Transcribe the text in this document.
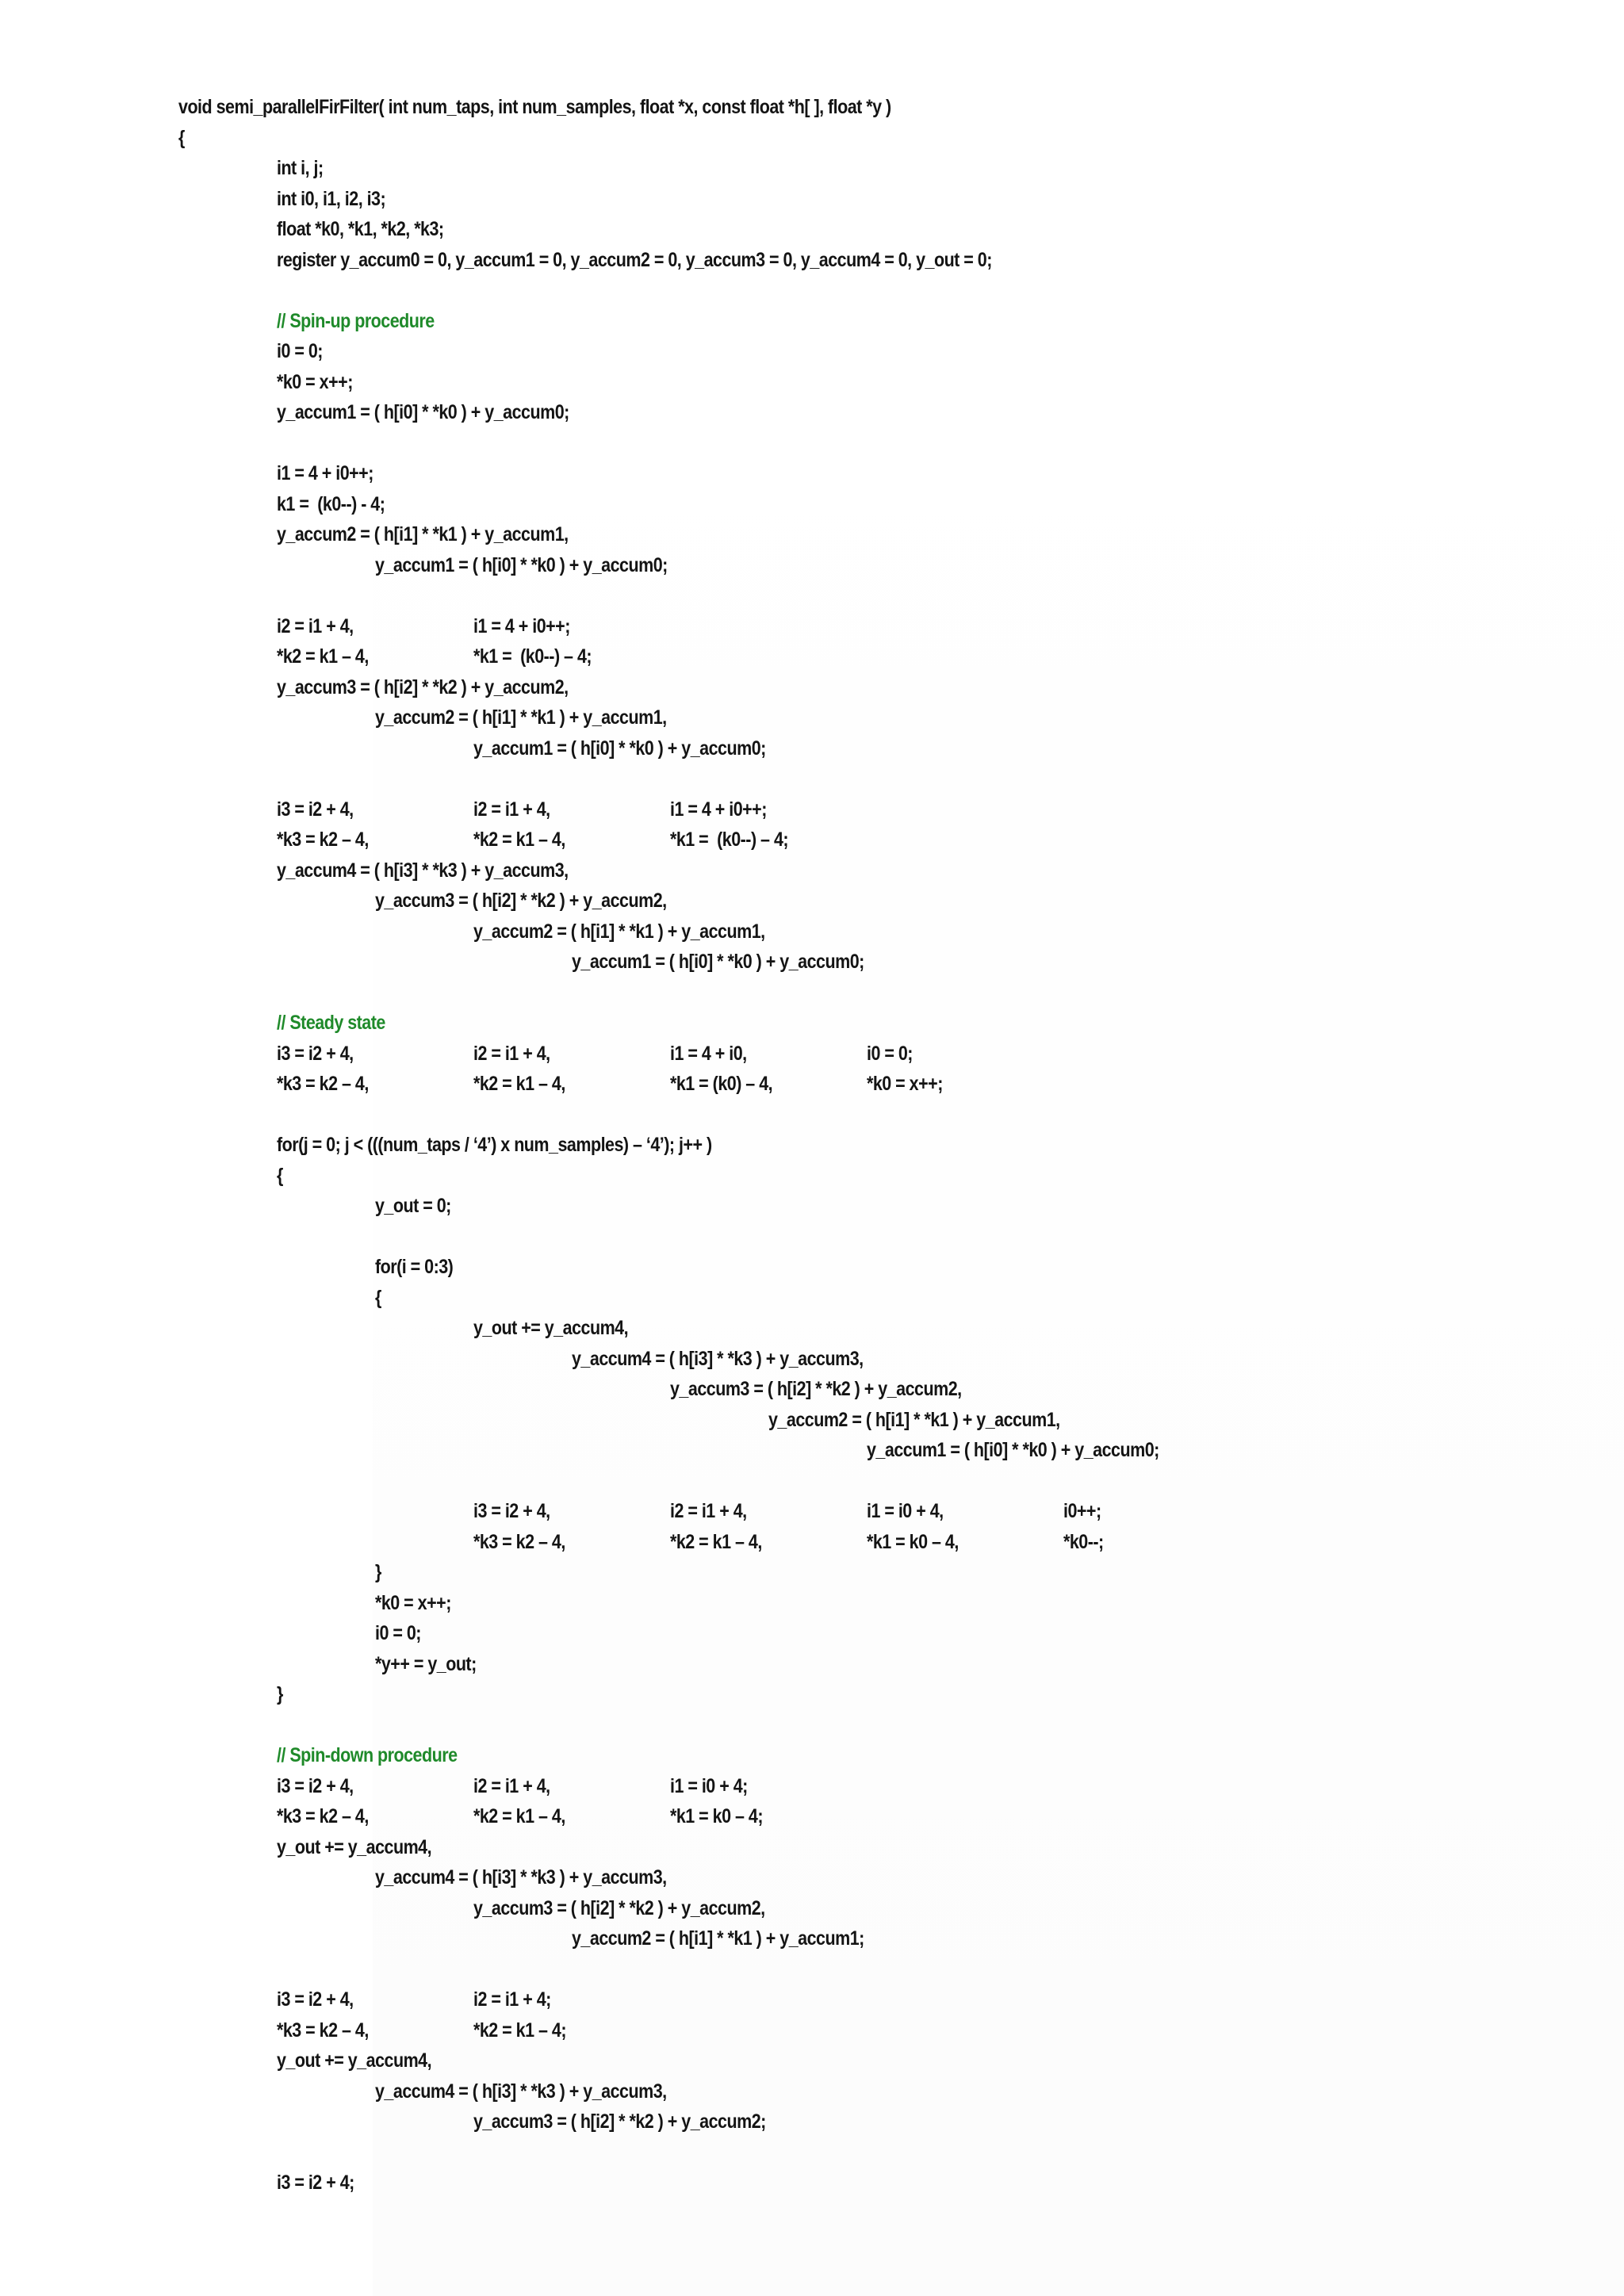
void semi_parallelFirFilter( int num_taps, int num_samples, float *x, const float *h[ ], float *y )
{
int i, j;
int i0, i1, i2, i3;
float *k0, *k1, *k2, *k3;
register y_accum0 = 0, y_accum1 = 0, y_accum2 = 0, y_accum3 = 0, y_accum4 = 0, y_out = 0;
// Spin-up procedure
i0 = 0;
*k0 = x++;
y_accum1 = ( h[i0] * *k0 ) + y_accum0;
i1 = 4 + i0++;
k1 =  (k0--) - 4;
y_accum2 = ( h[i1] * *k1 ) + y_accum1,
y_accum1 = ( h[i0] * *k0 ) + y_accum0;
i2 = i1 + 4,	i1 = 4 + i0++;
*k2 = k1 – 4,	*k1 =  (k0--) – 4;
y_accum3 = ( h[i2] * *k2 ) + y_accum2,
y_accum2 = ( h[i1] * *k1 ) + y_accum1,
y_accum1 = ( h[i0] * *k0 ) + y_accum0;
i3 = i2 + 4,	i2 = i1 + 4,	i1 = 4 + i0++;
*k3 = k2 – 4,	*k2 = k1 – 4,	*k1 =  (k0--) – 4;
y_accum4 = ( h[i3] * *k3 ) + y_accum3,
y_accum3 = ( h[i2] * *k2 ) + y_accum2,
y_accum2 = ( h[i1] * *k1 ) + y_accum1,
y_accum1 = ( h[i0] * *k0 ) + y_accum0;
// Steady state
i3 = i2 + 4,	i2 = i1 + 4,	i1 = 4 + i0,	i0 = 0;
*k3 = k2 – 4,	*k2 = k1 – 4,	*k1 = (k0) – 4,	*k0 = x++;
for(j = 0; j < (((num_taps / ‘4’) x num_samples) – ‘4’); j++ )
{
y_out = 0;
for(i = 0:3)
{
y_out += y_accum4,
y_accum4 = ( h[i3] * *k3 ) + y_accum3,
y_accum3 = ( h[i2] * *k2 ) + y_accum2,
y_accum2 = ( h[i1] * *k1 ) + y_accum1,
y_accum1 = ( h[i0] * *k0 ) + y_accum0;
i3 = i2 + 4,	i2 = i1 + 4,	i1 = i0 + 4,	i0++;
*k3 = k2 – 4,	*k2 = k1 – 4,	*k1 = k0 – 4,	*k0--;
}
*k0 = x++;
i0 = 0;
*y++ = y_out;
}
// Spin-down procedure
i3 = i2 + 4,	i2 = i1 + 4,	i1 = i0 + 4;
*k3 = k2 – 4,	*k2 = k1 – 4,	*k1 = k0 – 4;
y_out += y_accum4,
y_accum4 = ( h[i3] * *k3 ) + y_accum3,
y_accum3 = ( h[i2] * *k2 ) + y_accum2,
y_accum2 = ( h[i1] * *k1 ) + y_accum1;
i3 = i2 + 4,	i2 = i1 + 4;
*k3 = k2 – 4,	*k2 = k1 – 4;
y_out += y_accum4,
y_accum4 = ( h[i3] * *k3 ) + y_accum3,
y_accum3 = ( h[i2] * *k2 ) + y_accum2;
i3 = i2 + 4;
